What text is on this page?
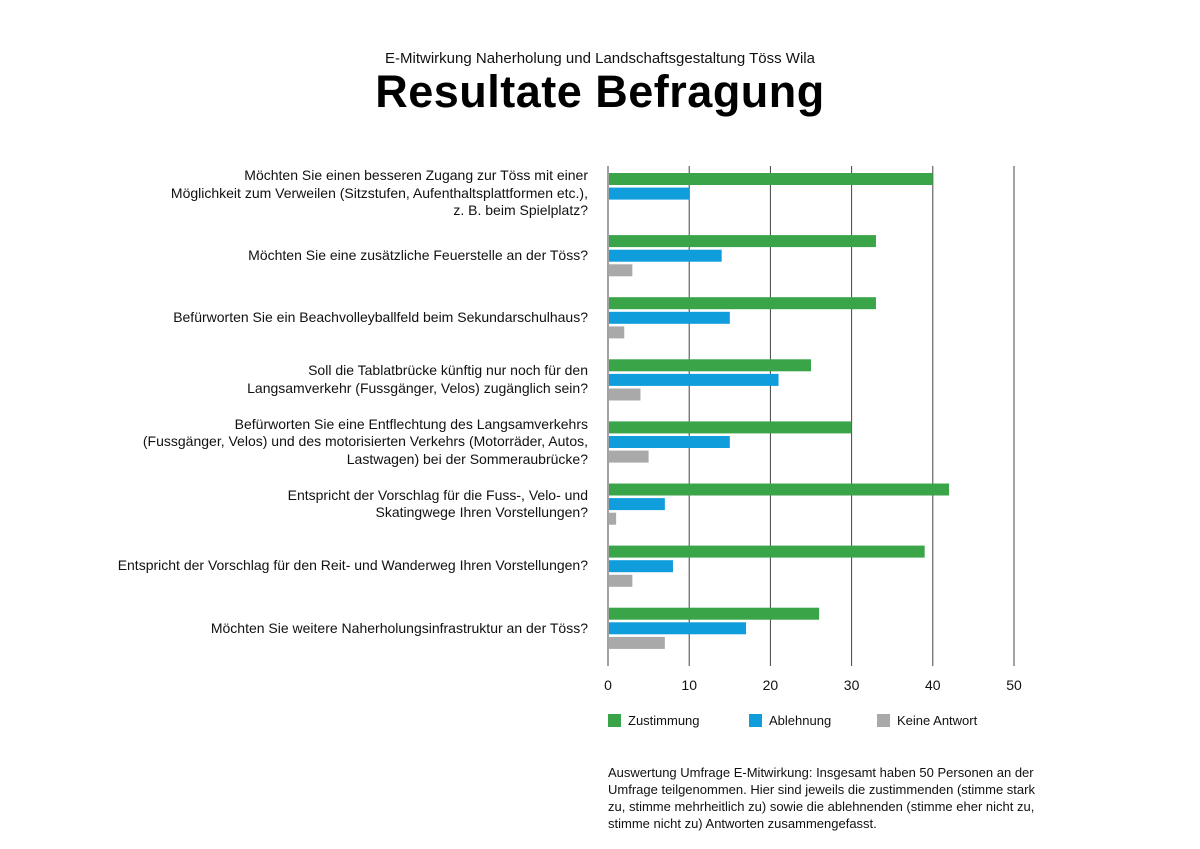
E-Mitwirkung Naherholung und Landschaftsgestaltung Töss Wila
Resultate Befragung
Möchten Sie einen besseren Zugang zur Töss mit einer
Möglichkeit zum Verweilen (Sitzstufen, Aufenthaltsplattformen etc.),
z. B. beim Spielplatz?
Möchten Sie eine zusätzliche Feuerstelle an der Töss?
Befürworten Sie ein Beachvolleyballfeld beim Sekundarschulhaus?
Soll die Tablatbrücke künftig nur noch für den
Langsamverkehr (Fussgänger, Velos) zugänglich sein?
Befürworten Sie eine Entflechtung des Langsamverkehrs
(Fussgänger, Velos) und des motorisierten Verkehrs (Motorräder, Autos,
Lastwagen) bei der Sommeraubrücke?
Entspricht der Vorschlag für die Fuss-, Velo- und
Skatingwege Ihren Vorstellungen?
Entspricht der Vorschlag für den Reit- und Wanderweg Ihren Vorstellungen?
Möchten Sie weitere Naherholungsinfrastruktur an der Töss?
0	10	20	30	40	50
Zustimmung	Ablehnung	Keine Antwort
Auswertung Umfrage E-Mitwirkung: Insgesamt haben 50 Personen an der Umfrage teilgenommen. Hier sind jeweils die zustimmenden (stimme stark zu, stimme mehrheitlich zu) sowie die ablehnenden (stimme eher nicht zu, stimme nicht zu) Antworten zusammengefasst.
